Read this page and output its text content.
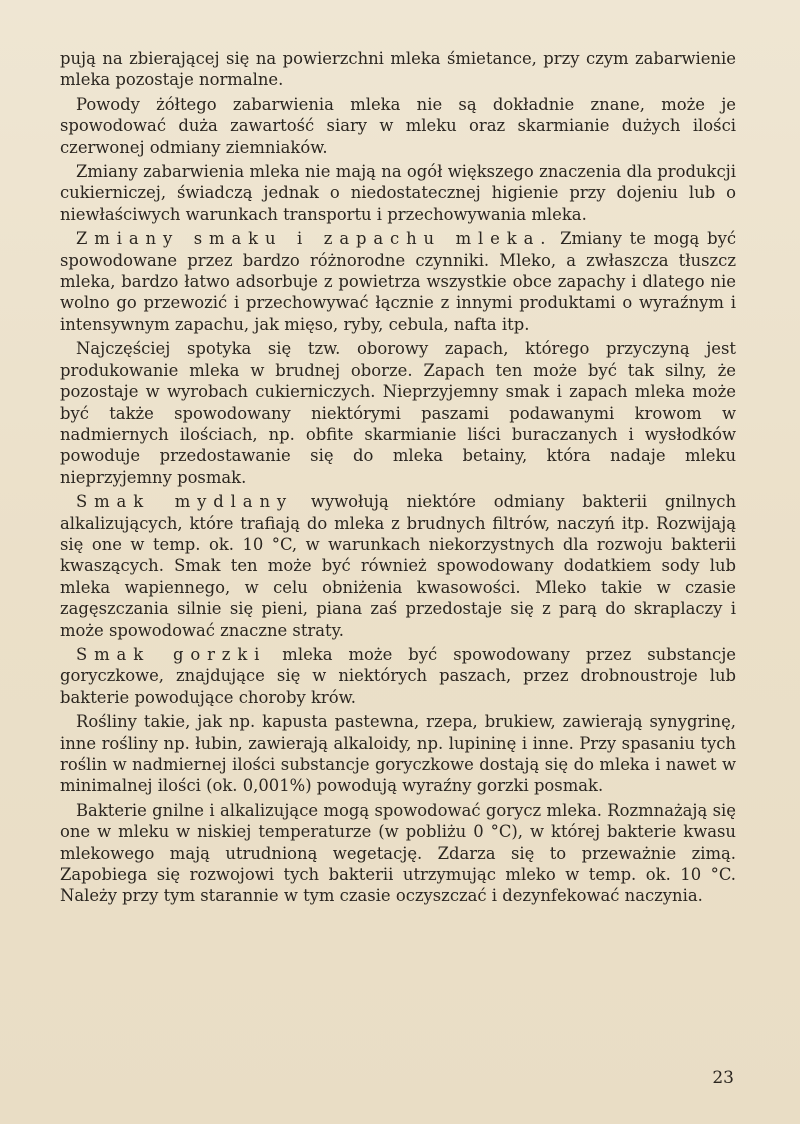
pują na zbierającej się na powierzchni mleka śmietance, przy czym zabarwienie mleka pozostaje normalne.

Powody żółtego zabarwienia mleka nie są dokładnie znane, może je spowodować duża zawartość siary w mleku oraz skarmianie dużych ilości czerwonej odmiany ziemniaków.

Zmiany zabarwienia mleka nie mają na ogół większego znaczenia dla produkcji cukierniczej, świadczą jednak o niedostatecznej higienie przy dojeniu lub o niewłaściwych warunkach transportu i przechowywania mleka.

Zmiany smaku i zapachu mleka. Zmiany te mogą być spowodowane przez bardzo różnorodne czynniki. Mleko, a zwłaszcza tłuszcz mleka, bardzo łatwo adsorbuje z powietrza wszystkie obce zapachy i dlatego nie wolno go przewozić i przechowywać łącznie z innymi produktami o wyraźnym i intensywnym zapachu, jak mięso, ryby, cebula, nafta itp.

Najczęściej spotyka się tzw. oborowy zapach, którego przyczyną jest produkowanie mleka w brudnej oborze. Zapach ten może być tak silny, że pozostaje w wyrobach cukierniczych. Nieprzyjemny smak i zapach mleka może być także spowodowany niektórymi paszami podawanymi krowom w nadmiernych ilościach, np. obfite skarmianie liści buraczanych i wysłodków powoduje przedostawanie się do mleka betainy, która nadaje mleku nieprzyjemny posmak.

Smak mydlany wywołują niektóre odmiany bakterii gnilnych alkalizujących, które trafiają do mleka z brudnych filtrów, naczyń itp. Rozwijają się one w temp. ok. 10 °C, w warunkach niekorzystnych dla rozwoju bakterii kwaszących. Smak ten może być również spowodowany dodatkiem sody lub mleka wapiennego, w celu obniżenia kwasowości. Mleko takie w czasie zagęszczania silnie się pieni, piana zaś przedostaje się z parą do skraplaczy i może spowodować znaczne straty.

Smak gorzki mleka może być spowodowany przez substancje goryczkowe, znajdujące się w niektórych paszach, przez drobnoustroje lub bakterie powodujące choroby krów.

Rośliny takie, jak np. kapusta pastewna, rzepa, brukiew, zawierają synygrinę, inne rośliny np. łubin, zawierają alkaloidy, np. lupininę i inne. Przy spasaniu tych roślin w nadmiernej ilości substancje goryczkowe dostają się do mleka i nawet w minimalnej ilości (ok. 0,001%) powodują wyraźny gorzki posmak.

Bakterie gnilne i alkalizujące mogą spowodować gorycz mleka. Rozmnażają się one w mleku w niskiej temperaturze (w pobliżu 0 °C), w której bakterie kwasu mlekowego mają utrudnioną wegetację. Zdarza się to przeważnie zimą. Zapobiega się rozwojowi tych bakterii utrzymując mleko w temp. ok. 10 °C. Należy przy tym starannie w tym czasie oczyszczać i dezynfekować naczynia.

23
